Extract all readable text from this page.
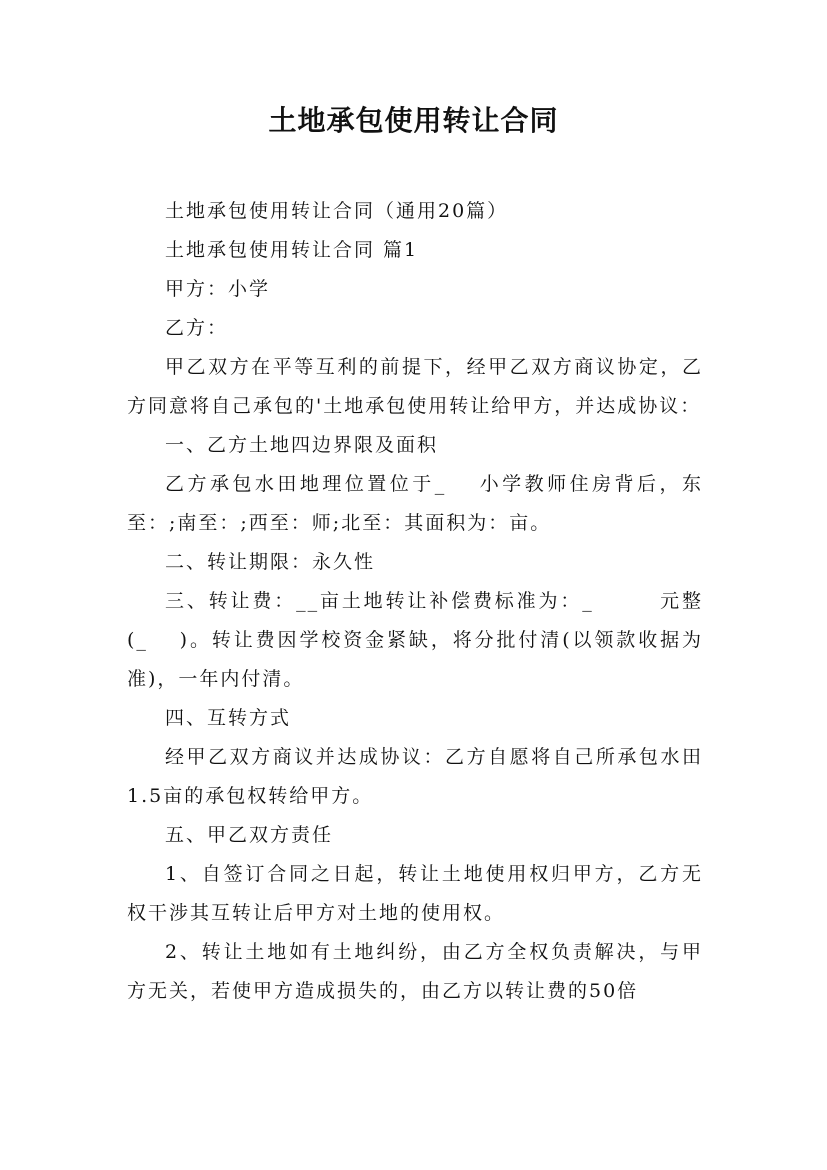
土地承包使用转让合同

土地承包使用转让合同（通用20篇）

土地承包使用转让合同 篇1

甲方：小学

乙方：

甲乙双方在平等互利的前提下，经甲乙双方商议协定，乙方同意将自己承包的'土地承包使用转让给甲方，并达成协议：

一、乙方土地四边界限及面积

乙方承包水田地理位置位于_　 小学教师住房背后，东至：;南至：;西至：师;北至：其面积为：亩。

二、转让期限：永久性

三、转让费：__亩土地转让补偿费标准为：_　　　元整(_　 )。转让费因学校资金紧缺，将分批付清(以领款收据为准)，一年内付清。

四、互转方式

经甲乙双方商议并达成协议：乙方自愿将自己所承包水田1.5亩的承包权转给甲方。

五、甲乙双方责任

1、自签订合同之日起，转让土地使用权归甲方，乙方无权干涉其互转让后甲方对土地的使用权。

2、转让土地如有土地纠纷，由乙方全权负责解决，与甲方无关，若使甲方造成损失的，由乙方以转让费的50倍
